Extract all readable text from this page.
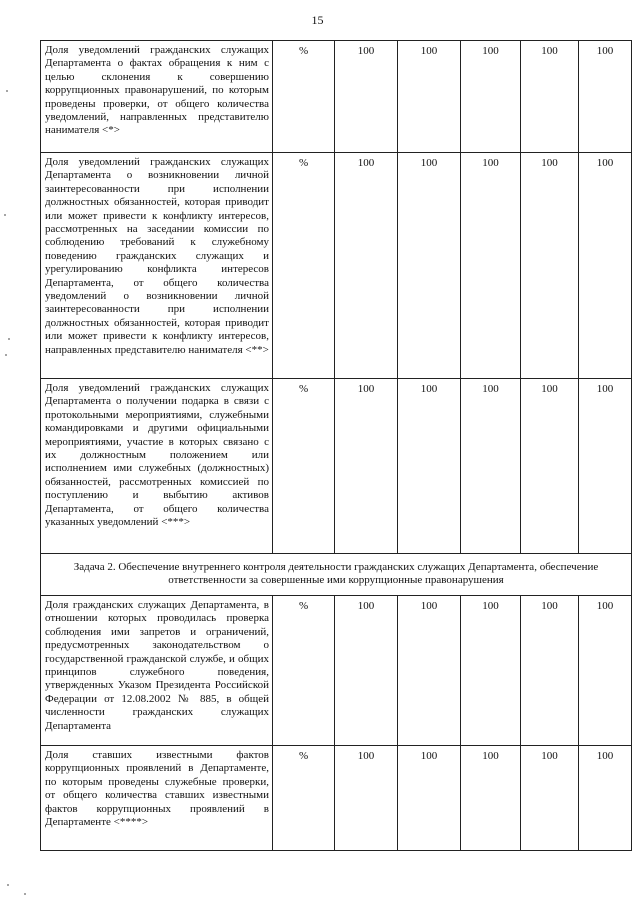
15
Доля уведомлений гражданских служащих Департамента о фактах обращения к ним с целью склонения к совершению коррупционных правонарушений, по которым проведены проверки, от общего количества уведомлений, направленных представителю нанимателя <*>	%	100	100	100	100	100
Доля уведомлений гражданских служащих Департамента о возникновении личной заинтересованности при исполнении должностных обязанностей, которая приводит или может привести к конфликту интересов, рассмотренных на заседании комиссии по соблюдению требований к служебному поведению гражданских служащих и урегулированию конфликта интересов Департамента, от общего количества уведомлений о возникновении личной заинтересованности при исполнении должностных обязанностей, которая приводит или может привести к конфликту интересов, направленных представителю нанимателя <**>	%	100	100	100	100	100
Доля уведомлений гражданских служащих Департамента о получении подарка в связи с протокольными мероприятиями, служебными командировками и другими официальными мероприятиями, участие в которых связано с их должностным положением или исполнением ими служебных (должностных) обязанностей, рассмотренных комиссией по поступлению и выбытию активов Департамента, от общего количества указанных уведомлений <***>	%	100	100	100	100	100
Задача 2. Обеспечение внутреннего контроля деятельности гражданских служащих Департамента, обеспечение ответственности за совершенные ими коррупционные правонарушения						
Доля гражданских служащих Департамента, в отношении которых проводилась проверка соблюдения ими запретов и ограничений, предусмотренных законодательством о государственной гражданской службе, и общих принципов служебного поведения, утвержденных Указом Президента Российской Федерации от 12.08.2002 № 885, в общей численности гражданских служащих Департамента	%	100	100	100	100	100
Доля ставших известными фактов коррупционных проявлений в Департаменте, по которым проведены служебные проверки, от общего количества ставших известными фактов коррупционных проявлений в Департаменте <****>	%	100	100	100	100	100
